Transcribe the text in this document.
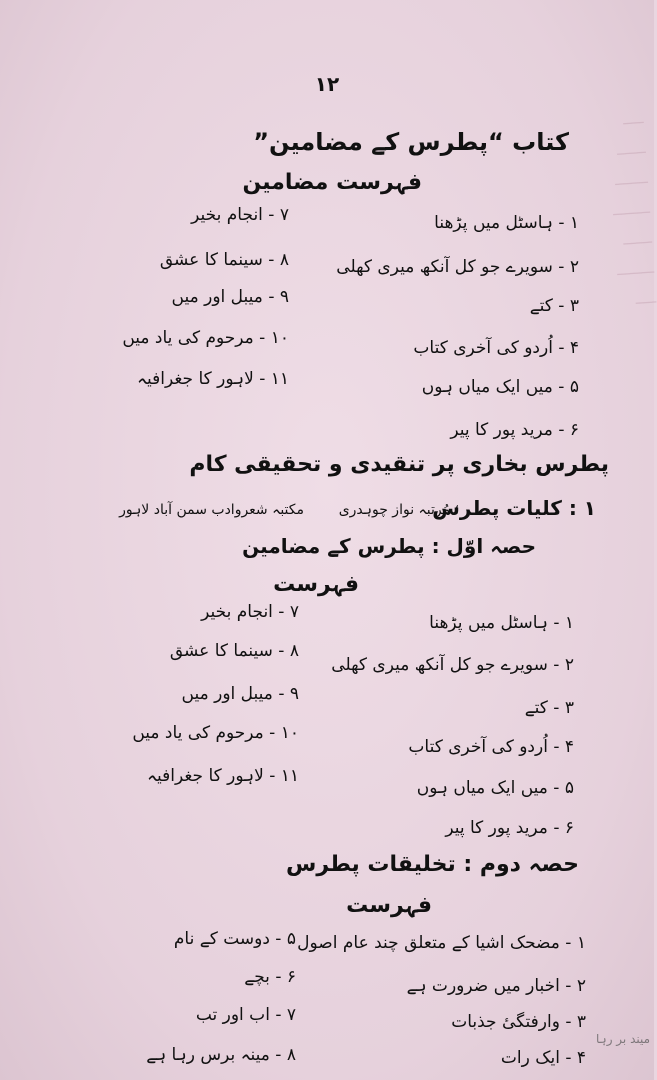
ـــــ
ـــــــ
ــــــــ
ـــــــــ
ـــــــ
ـــــــــ
ـــــ
۱۲
کتاب “پطرس کے مضامین”
فہرست مضامین
۱ - ہاسٹل میں پڑھنا
۲ - سویرے جو کل آنکھ میری کھلی
۳ - کتے
۴ - اُردو کی آخری کتاب
۵ - میں ایک میاں ہوں
۶ - مرید پور کا پیر
۷ - انجام بخیر
۸ - سینما کا عشق
۹ - میبل اور میں
۱۰ - مرحوم کی یاد میں
۱۱ - لاہور کا جغرافیہ
پطرس بخاری پر تنقیدی و تحقیقی کام
۱ : کلیات پطرس
؛ مُرتبہ نواز چوہدری
مکتبہ شعروادب سمن آباد لاہور
حصہ اوّل : پطرس کے مضامین
فہرست
۱ - ہاسٹل میں پڑھنا
۲ - سویرے جو کل آنکھ میری کھلی
۳ - کتے
۴ - اُردو کی آخری کتاب
۵ - میں ایک میاں ہوں
۶ - مرید پور کا پیر
۷ - انجام بخیر
۸ - سینما کا عشق
۹ - میبل اور میں
۱۰ - مرحوم کی یاد میں
۱۱ - لاہور کا جغرافیہ
حصہ دوم : تخلیقات پطرس
فہرست
۱ - مضحک اشیا کے متعلق چند عام اصول
۲ - اخبار میں ضرورت ہے
۳ - وارفتگیٔ جذبات
۴ - ایک رات
۵ - دوست کے نام
۶ - بچے
۷ - اب اور تب
۸ - مینہ برس رہا ہے
میند بر رہا
